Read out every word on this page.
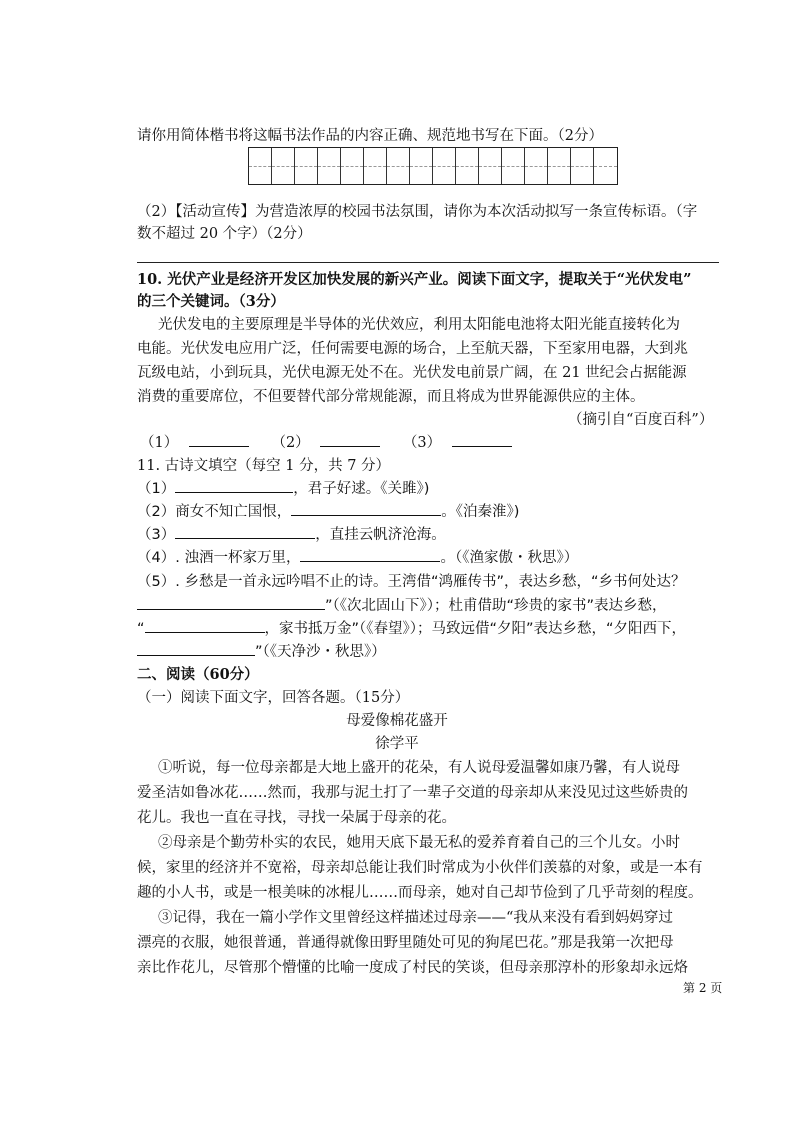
请你用简体楷书将这幅书法作品的内容正确、规范地书写在下面。（2分）
（2）【活动宣传】为营造浓厚的校园书法氛围，请你为本次活动拟写一条宣传标语。（字
数不超过 20 个字）（2分）
10. 光伏产业是经济开发区加快发展的新兴产业。阅读下面文字，提取关于“光伏发电”
的三个关键词。（3分）
光伏发电的主要原理是半导体的光伏效应，利用太阳能电池将太阳光能直接转化为
电能。光伏发电应用广泛，任何需要电源的场合，上至航天器，下至家用电器，大到兆
瓦级电站，小到玩具，光伏电源无处不在。光伏发电前景广阔，在 21 世纪会占据能源
消费的重要席位，不但要替代部分常规能源，而且将成为世界能源供应的主体。
（摘引自“百度百科”）
（1）	（2）	（3）
11. 古诗文填空（每空 1 分，共 7 分）
（1）	，君子好逑。《关雎》)
（2）商女不知亡国恨，	。《泊秦淮》)
（3）	，直挂云帆济沧海。
（4）. 浊酒一杯家万里，	。（《渔家傲・秋思》）
（5）. 乡愁是一首永远吟唱不止的诗。王湾借“鸿雁传书”，表达乡愁，“乡书何处达？
”（《次北固山下》）；杜甫借助“珍贵的家书”表达乡愁，
“	，家书抵万金”（《春望》）；马致远借“夕阳”表达乡愁，“夕阳西下，
”（《天净沙・秋思》）
二、阅读（60分）
（一）阅读下面文字，回答各题。（15分）
母爱像棉花盛开
徐学平
①听说，每一位母亲都是大地上盛开的花朵，有人说母爱温馨如康乃馨，有人说母
爱圣洁如鲁冰花……然而，我那与泥土打了一辈子交道的母亲却从来没见过这些娇贵的
花儿。我也一直在寻找，寻找一朵属于母亲的花。
②母亲是个勤劳朴实的农民，她用天底下最无私的爱养育着自己的三个儿女。小时
候，家里的经济并不宽裕，母亲却总能让我们时常成为小伙伴们羡慕的对象，或是一本有
趣的小人书，或是一根美味的冰棍儿……而母亲，她对自己却节俭到了几乎苛刻的程度。
③记得，我在一篇小学作文里曾经这样描述过母亲——“我从来没有看到妈妈穿过
漂亮的衣服，她很普通，普通得就像田野里随处可见的狗尾巴花。”那是我第一次把母
亲比作花儿，尽管那个懵懂的比喻一度成了村民的笑谈，但母亲那淳朴的形象却永远烙
第 2 页
